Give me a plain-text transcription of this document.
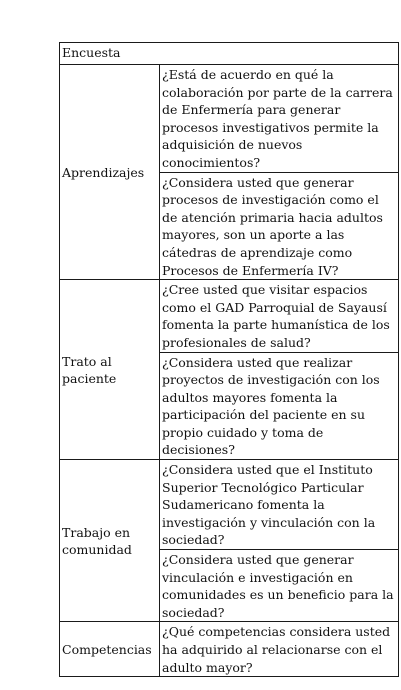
Encuesta	
Aprendizajes	¿Está de acuerdo en qué la colaboración por parte de la carrera de Enfermería para generar procesos investigativos permite la adquisición de nuevos conocimientos?
	¿Considera usted que generar procesos de investigación como el de atención primaria hacia adultos mayores, son un aporte a las cátedras de aprendizaje como Procesos de Enfermería IV?
Trato al paciente	¿Cree usted que visitar espacios como el GAD Parroquial de Sayausí fomenta la parte humanística de los profesionales de salud?
	¿Considera usted que realizar proyectos de investigación con los adultos mayores fomenta la participación del paciente en su propio cuidado y toma de decisiones?
Trabajo en comunidad	¿Considera usted que el Instituto Superior Tecnológico Particular Sudamericano fomenta la investigación y vinculación con la sociedad?
	¿Considera usted que generar vinculación e investigación en comunidades es un beneficio para la sociedad?
Competencias	¿Qué competencias considera usted ha adquirido al relacionarse con el adulto mayor?
